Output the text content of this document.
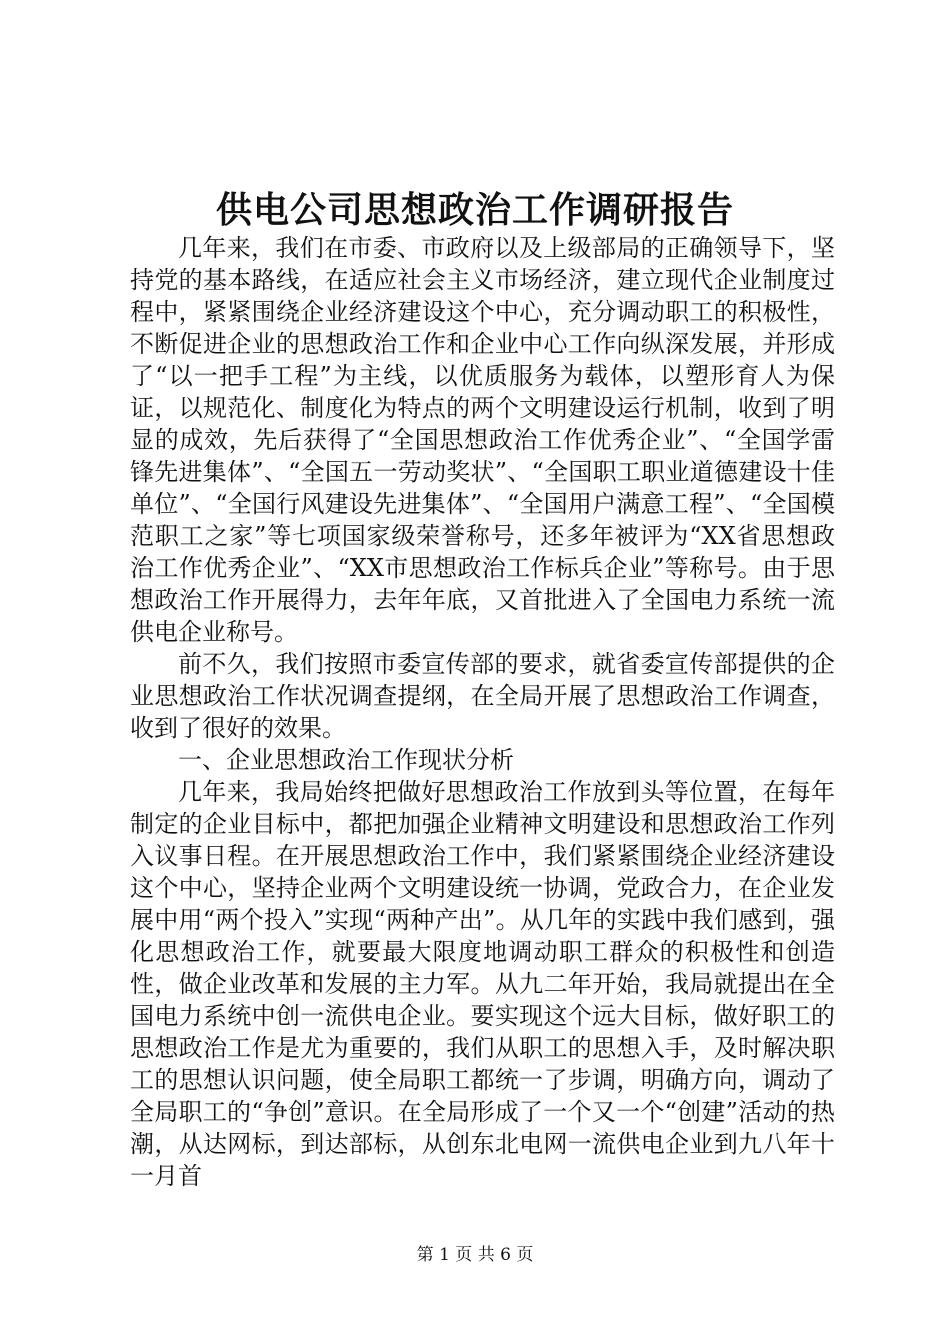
供电公司思想政治工作调研报告

几年来，我们在市委、市政府以及上级部局的正确领导下，坚持党的基本路线，在适应社会主义市场经济，建立现代企业制度过程中，紧紧围绕企业经济建设这个中心，充分调动职工的积极性，不断促进企业的思想政治工作和企业中心工作向纵深发展，并形成了“以一把手工程”为主线，以优质服务为载体，以塑形育人为保证，以规范化、制度化为特点的两个文明建设运行机制，收到了明显的成效，先后获得了“全国思想政治工作优秀企业”、“全国学雷锋先进集体”、“全国五一劳动奖状”、“全国职工职业道德建设十佳单位”、“全国行风建设先进集体”、“全国用户满意工程”、“全国模范职工之家”等七项国家级荣誉称号，还多年被评为“XX省思想政治工作优秀企业”、“XX市思想政治工作标兵企业”等称号。由于思想政治工作开展得力，去年年底，又首批进入了全国电力系统一流供电企业称号。

前不久，我们按照市委宣传部的要求，就省委宣传部提供的企业思想政治工作状况调查提纲，在全局开展了思想政治工作调查，收到了很好的效果。

一、企业思想政治工作现状分析

几年来，我局始终把做好思想政治工作放到头等位置，在每年制定的企业目标中，都把加强企业精神文明建设和思想政治工作列入议事日程。在开展思想政治工作中，我们紧紧围绕企业经济建设这个中心，坚持企业两个文明建设统一协调，党政合力，在企业发展中用“两个投入”实现“两种产出”。从几年的实践中我们感到，强化思想政治工作，就要最大限度地调动职工群众的积极性和创造性，做企业改革和发展的主力军。从九二年开始，我局就提出在全国电力系统中创一流供电企业。要实现这个远大目标，做好职工的思想政治工作是尤为重要的，我们从职工的思想入手，及时解决职工的思想认识问题，使全局职工都统一了步调，明确方向，调动了全局职工的“争创”意识。在全局形成了一个又一个“创建”活动的热潮，从达网标，到达部标，从创东北电网一流供电企业到九八年十一月首

第 1 页 共 6 页
